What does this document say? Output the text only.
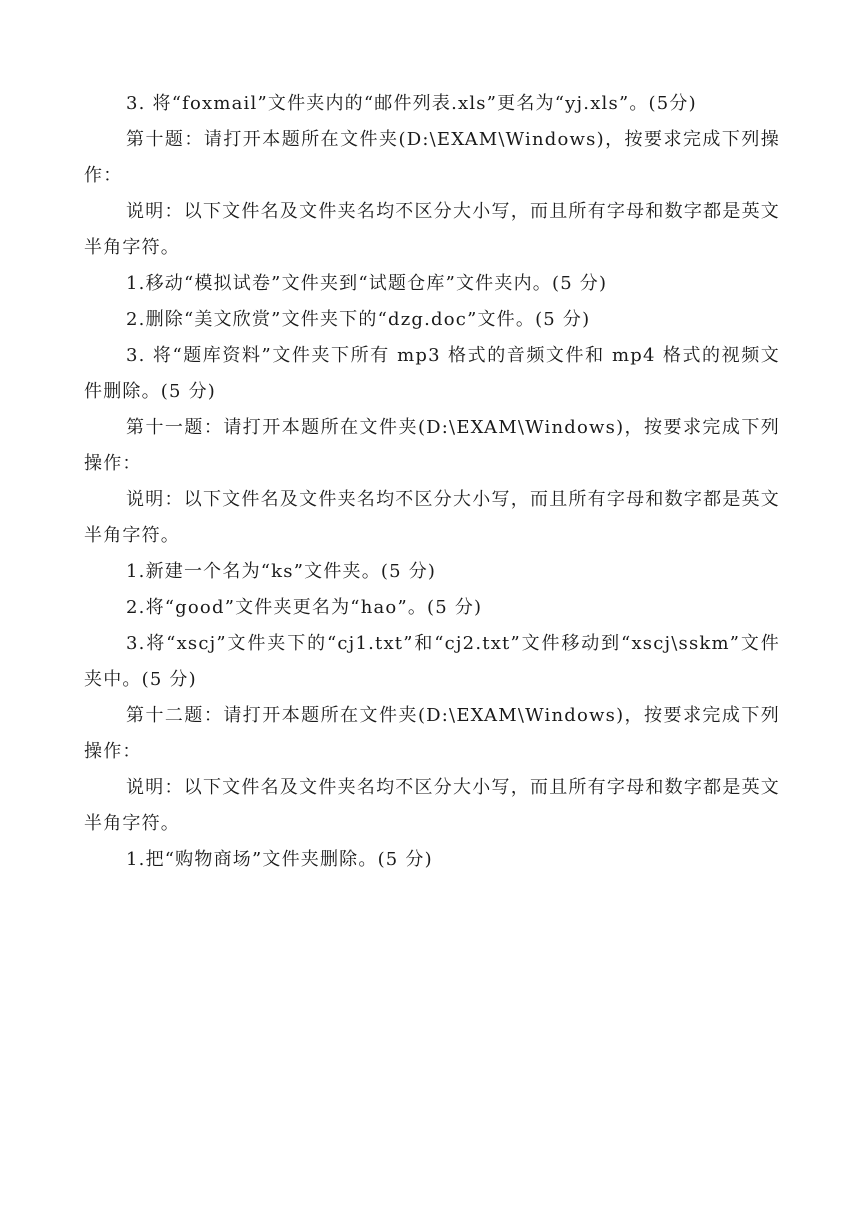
3. 将“foxmail”文件夹内的“邮件列表.xls”更名为“yj.xls”。(5分)

第十题：请打开本题所在文件夹(D:\EXAM\Windows)，按要求完成下列操作：

说明：以下文件名及文件夹名均不区分大小写，而且所有字母和数字都是英文半角字符。

1.移动“模拟试卷”文件夹到“试题仓库”文件夹内。(5 分)

2.删除“美文欣赏”文件夹下的“dzg.doc”文件。(5 分)

3. 将“题库资料”文件夹下所有 mp3 格式的音频文件和 mp4 格式的视频文件删除。(5 分)

第十一题：请打开本题所在文件夹(D:\EXAM\Windows)，按要求完成下列操作：

说明：以下文件名及文件夹名均不区分大小写，而且所有字母和数字都是英文半角字符。

1.新建一个名为“ks”文件夹。(5 分)

2.将“good”文件夹更名为“hao”。(5 分)

3.将“xscj”文件夹下的“cj1.txt”和“cj2.txt”文件移动到“xscj\sskm”文件夹中。(5 分)

第十二题：请打开本题所在文件夹(D:\EXAM\Windows)，按要求完成下列操作：

说明：以下文件名及文件夹名均不区分大小写，而且所有字母和数字都是英文半角字符。

1.把“购物商场”文件夹删除。(5 分)
